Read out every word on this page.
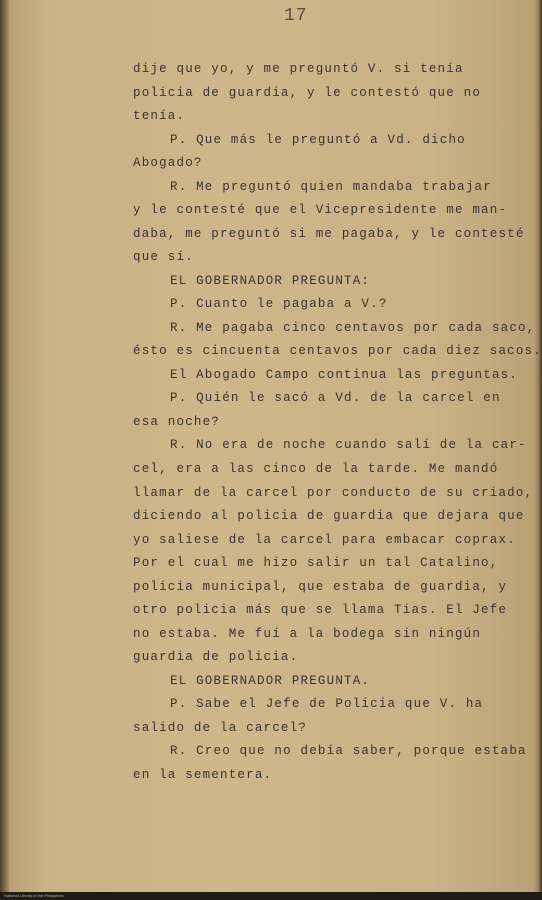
17
dije que yo, y me preguntó V. si tenía
policia de guardia, y le contestó que no
tenía.
P. Que más le preguntó a Vd. dicho
Abogado?
R. Me preguntó quien mandaba trabajar
y le contesté que el Vicepresidente me man-
daba, me preguntó si me pagaba, y le contesté
que sí.
EL GOBERNADOR PREGUNTA:
P. Cuanto le pagaba a V.?
R. Me pagaba cinco centavos por cada saco,
ésto es cincuenta centavos por cada diez sacos.
El Abogado Campo continua las preguntas.
P. Quién le sacó a Vd. de la carcel en
esa noche?
R. No era de noche cuando salí de la car-
cel, era a las cinco de la tarde. Me mandó
llamar de la carcel por conducto de su criado,
diciendo al policia de guardia que dejara que
yo saliese de la carcel para embacar coprax.
Por el cual me hizo salir un tal Catalino,
policia municipal, que estaba de guardia, y
otro policia más que se llama Tias. El Jefe
no estaba. Me fuí a la bodega sin ningún
guardia de policia.
EL GOBERNADOR PREGUNTA.
P. Sabe el Jefe de Policia que V. ha
salido de la carcel?
R. Creo que no debía saber, porque estaba
en la sementera.
National Library of the Philippines
